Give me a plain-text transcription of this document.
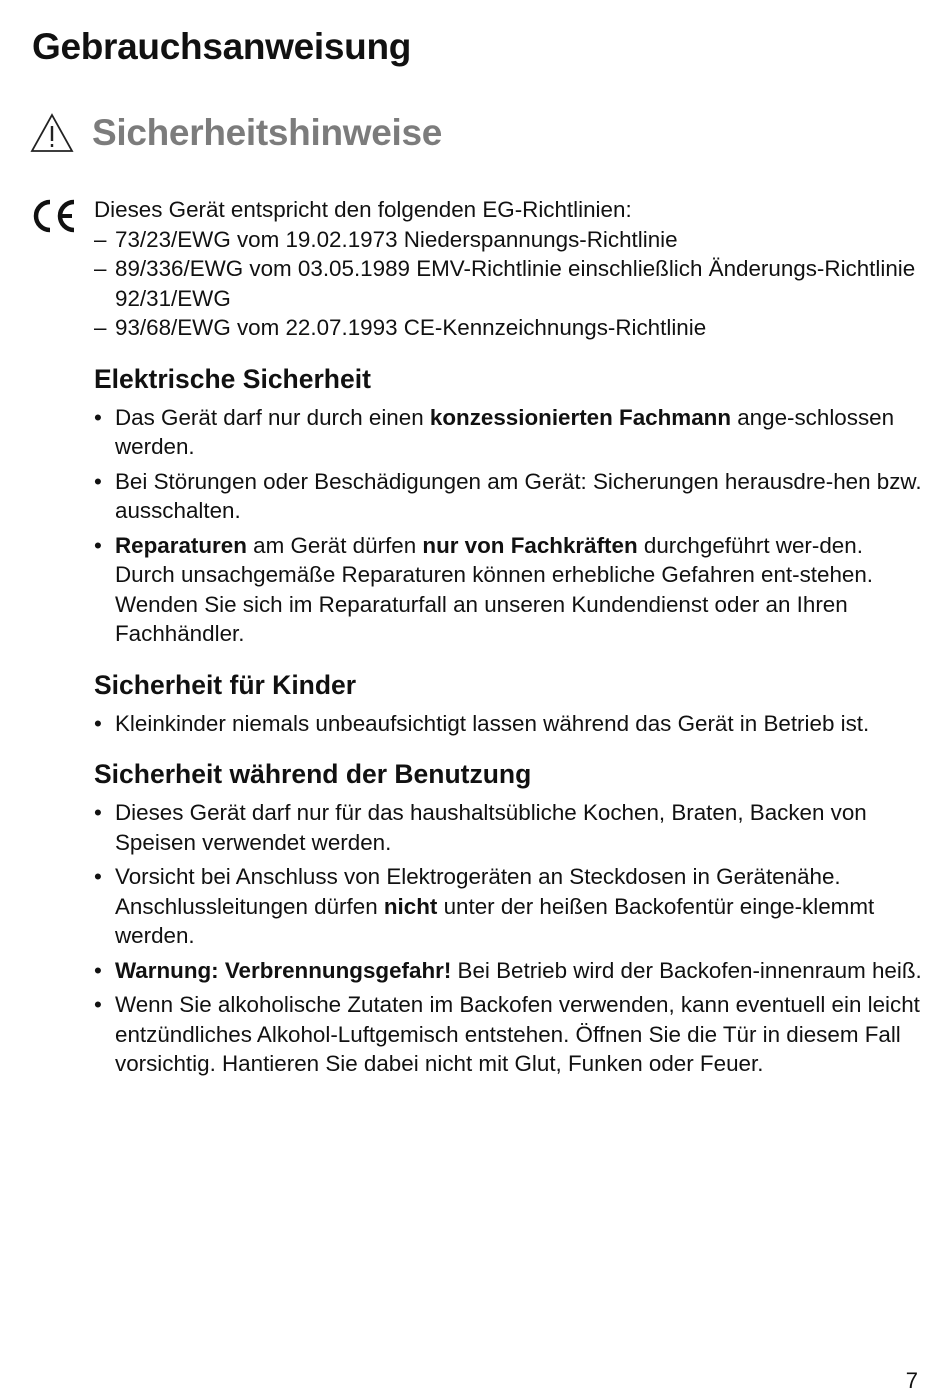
Gebrauchsanweisung
Sicherheitshinweise

Dieses Gerät entspricht den folgenden EG-Richtlinien:

– 73/23/EWG vom 19.02.1973 Niederspannungs-Richtlinie
– 89/336/EWG vom 03.05.1989 EMV-Richtlinie einschließlich Änderungs-Richtlinie 92/31/EWG
– 93/68/EWG vom 22.07.1993 CE-Kennzeichnungs-Richtlinie
Elektrische Sicherheit
• Das Gerät darf nur durch einen konzessionierten Fachmann ange-schlossen werden.
• Bei Störungen oder Beschädigungen am Gerät: Sicherungen herausdre-hen bzw. ausschalten.
• Reparaturen am Gerät dürfen nur von Fachkräften durchgeführt wer-den. Durch unsachgemäße Reparaturen können erhebliche Gefahren ent-stehen. Wenden Sie sich im Reparaturfall an unseren Kundendienst oder an Ihren Fachhändler.
Sicherheit für Kinder
• Kleinkinder niemals unbeaufsichtigt lassen während das Gerät in Betrieb ist.
Sicherheit während der Benutzung
• Dieses Gerät darf nur für das haushaltsübliche Kochen, Braten, Backen von Speisen verwendet werden.
• Vorsicht bei Anschluss von Elektrogeräten an Steckdosen in Gerätenähe. Anschlussleitungen dürfen nicht unter der heißen Backofentür einge-klemmt werden.
• Warnung: Verbrennungsgefahr! Bei Betrieb wird der Backofen-innenraum heiß.
• Wenn Sie alkoholische Zutaten im Backofen verwenden, kann eventuell ein leicht entzündliches Alkohol-Luftgemisch entstehen. Öffnen Sie die Tür in diesem Fall vorsichtig. Hantieren Sie dabei nicht mit Glut, Funken oder Feuer.
7
